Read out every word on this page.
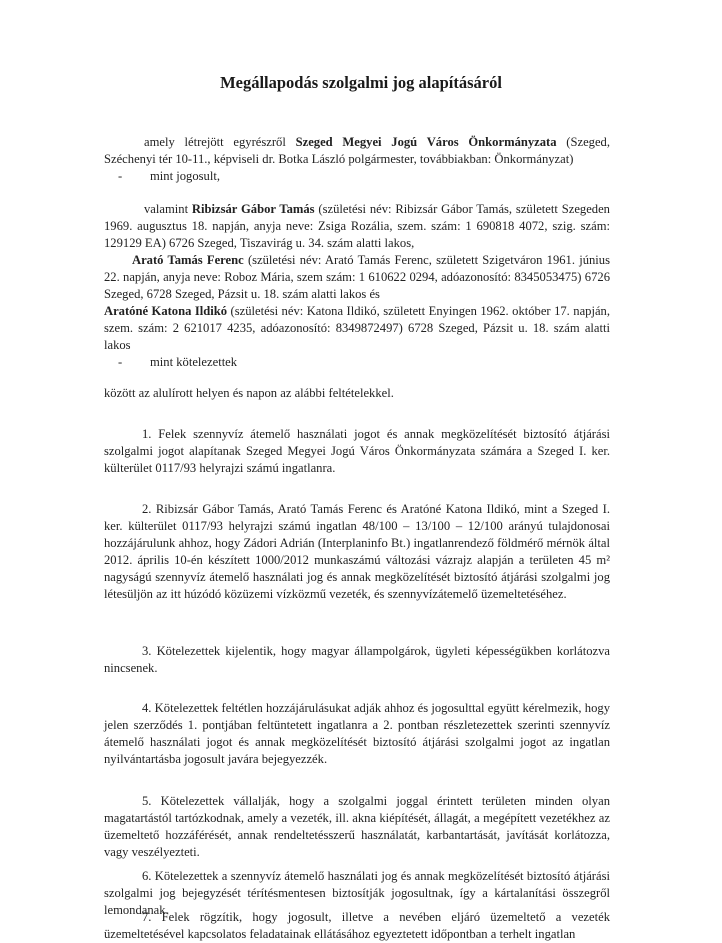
Megállapodás szolgalmi jog alapításáról

amely létrejött egyrészről Szeged Megyei Jogú Város Önkormányzata (Szeged, Széchenyi tér 10-11., képviseli dr. Botka László polgármester, továbbiakban: Önkormányzat)

-	mint jogosult,

valamint Ribizsár Gábor Tamás (születési név: Ribizsár Gábor Tamás, született Szegeden 1969. augusztus 18. napján, anyja neve: Zsiga Rozália, szem. szám: 1 690818 4072, szig. szám: 129129 EA) 6726 Szeged, Tiszavirág u. 34. szám alatti lakos,

Arató Tamás Ferenc (születési név: Arató Tamás Ferenc, született Szigetváron 1961. június 22. napján, anyja neve: Roboz Mária, szem szám: 1 610622 0294, adóazonosító: 8345053475) 6726 Szeged, 6728 Szeged, Pázsit u. 18. szám alatti lakos és

Aratóné Katona Ildikó (születési név: Katona Ildikó, született Enyingen 1962. október 17. napján, szem. szám: 2 621017 4235, adóazonosító: 8349872497) 6728 Szeged, Pázsit u. 18. szám alatti lakos

-	mint kötelezettek

között az alulírott helyen és napon az alábbi feltételekkel.

1. Felek szennyvíz átemelő használati jogot és annak megközelítését biztosító átjárási szolgalmi jogot alapítanak Szeged Megyei Jogú Város Önkormányzata számára a Szeged I. ker. külterület 0117/93 helyrajzi számú ingatlanra.

2. Ribizsár Gábor Tamás, Arató Tamás Ferenc és Aratóné Katona Ildikó, mint a Szeged I. ker. külterület 0117/93 helyrajzi számú ingatlan 48/100 – 13/100 – 12/100 arányú tulajdonosai hozzájárulunk ahhoz, hogy Zádori Adrián (Interplaninfo Bt.) ingatlanrendező földmérő mérnök által 2012. április 10-én készített 1000/2012 munkaszámú változási vázrajz alapján a területen 45 m² nagyságú szennyvíz átemelő használati jog és annak megközelítését biztosító átjárási szolgalmi jog létesüljön az itt húzódó közüzemi vízközmű vezeték, és szennyvízátemelő üzemeltetéséhez.

3. Kötelezettek kijelentik, hogy magyar állampolgárok, ügyleti képességükben korlátozva nincsenek.

4. Kötelezettek feltétlen hozzájárulásukat adják ahhoz és jogosulttal együtt kérelmezik, hogy jelen szerződés 1. pontjában feltüntetett ingatlanra a 2. pontban részletezettek szerinti szennyvíz átemelő használati jogot és annak megközelítését biztosító átjárási szolgalmi jogot az ingatlan nyilvántartásba jogosult javára bejegyezzék.

5. Kötelezettek vállalják, hogy a szolgalmi joggal érintett területen minden olyan magatartástól tartózkodnak, amely a vezeték, ill. akna kiépítését, állagát, a megépített vezetékhez az üzemeltető hozzáférését, annak rendeltetésszerű használatát, karbantartását, javítását korlátozza, vagy veszélyezteti.

6. Kötelezettek a szennyvíz átemelő használati jog és annak megközelítését biztosító átjárási szolgalmi jog bejegyzését térítésmentesen biztosítják jogosultnak, így a kártalanítási összegről lemondanak.

7. Felek rögzítik, hogy jogosult, illetve a nevében eljáró üzemeltető a vezeték üzemeltetésével kapcsolatos feladatainak ellátásához egyeztetett időpontban a terhelt ingatlan
